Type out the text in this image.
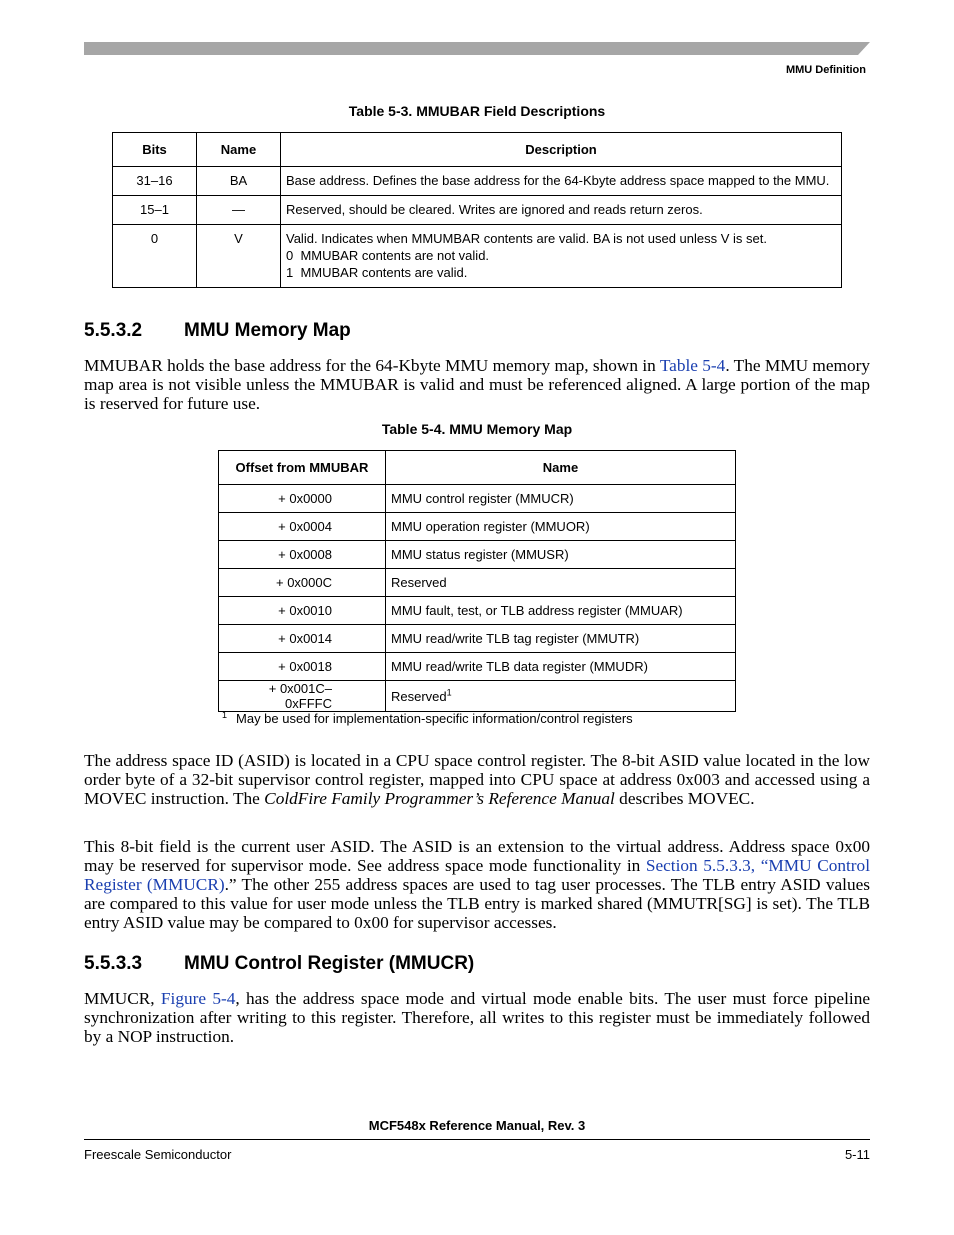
MMU Definition
Table 5-3. MMUBAR Field Descriptions
Bits	Name	Description
31–16	BA	Base address. Defines the base address for the 64-Kbyte address space mapped to the MMU.

15–1	—	Reserved, should be cleared. Writes are ignored and reads return zeros.

0	V	Valid. Indicates when MMUMBAR contents are valid. BA is not used unless V is set.
0  MMUBAR contents are not valid.
1  MMUBAR contents are valid.
5.5.3.2 MMU Memory Map

MMUBAR holds the base address for the 64-Kbyte MMU memory map, shown in Table 5-4. The MMU memory map area is not visible unless the MMUBAR is valid and must be referenced aligned. A large portion of the map is reserved for future use.

Table 5-4. MMU Memory Map
Offset from MMUBAR	Name
+ 0x0000	MMU control register (MMUCR)
+ 0x0004	MMU operation register (MMUOR)
+ 0x0008	MMU status register (MMUSR)
+ 0x000C	Reserved
+ 0x0010	MMU fault, test, or TLB address register (MMUAR)
+ 0x0014	MMU read/write TLB tag register (MMUTR)
+ 0x0018	MMU read/write TLB data register (MMUDR)
+ 0x001C–0xFFFC	Reserved$^1$
$^1$ May be used for implementation-specific information/control registers

The address space ID (ASID) is located in a CPU space control register. The 8-bit ASID value located in the low order byte of a 32-bit supervisor control register, mapped into CPU space at address 0x003 and accessed using a MOVEC instruction. The ColdFire Family Programmer’s Reference Manual describes MOVEC.

This 8-bit field is the current user ASID. The ASID is an extension to the virtual address. Address space 0x00 may be reserved for supervisor mode. See address space mode functionality in Section 5.5.3.3, “MMU Control Register (MMUCR).” The other 255 address spaces are used to tag user processes. The TLB entry ASID values are compared to this value for user mode unless the TLB entry is marked shared (MMUTR[SG] is set). The TLB entry ASID value may be compared to 0x00 for supervisor accesses.

5.5.3.3 MMU Control Register (MMUCR)

MMUCR, Figure 5-4, has the address space mode and virtual mode enable bits. The user must force pipeline synchronization after writing to this register. Therefore, all writes to this register must be immediately followed by a NOP instruction.

MCF548x Reference Manual, Rev. 3
Freescale Semiconductor	5-11
